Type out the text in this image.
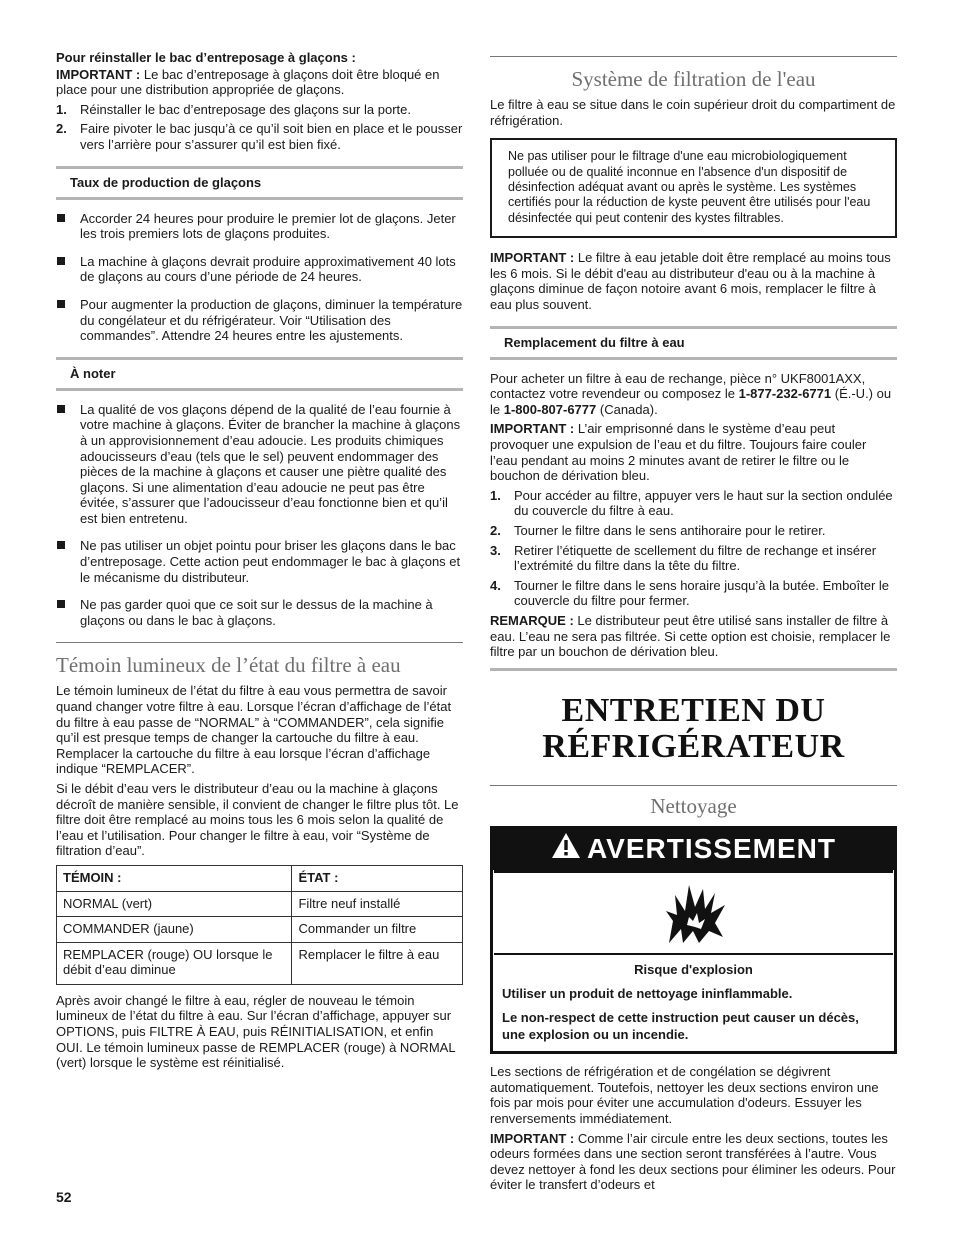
Pour réinstaller le bac d’entreposage à glaçons :

IMPORTANT : Le bac d’entreposage à glaçons doit être bloqué en place pour une distribution appropriée de glaçons.

1. Réinstaller le bac d’entreposage des glaçons sur la porte.
2. Faire pivoter le bac jusqu’à ce qu’il soit bien en place et le pousser vers l’arrière pour s’assurer qu’il est bien fixé.
Taux de production de glaçons
Accorder 24 heures pour produire le premier lot de glaçons. Jeter les trois premiers lots de glaçons produites.
La machine à glaçons devrait produire approximativement 40 lots de glaçons au cours d’une période de 24 heures.
Pour augmenter la production de glaçons, diminuer la température du congélateur et du réfrigérateur. Voir “Utilisation des commandes”. Attendre 24 heures entre les ajustements.
À noter
La qualité de vos glaçons dépend de la qualité de l’eau fournie à votre machine à glaçons. Éviter de brancher la machine à glaçons à un approvisionnement d’eau adoucie. Les produits chimiques adoucisseurs d’eau (tels que le sel) peuvent endommager des pièces de la machine à glaçons et causer une piètre qualité des glaçons. Si une alimentation d’eau adoucie ne peut pas être évitée, s’assurer que l’adoucisseur d’eau fonctionne bien et qu’il est bien entretenu.
Ne pas utiliser un objet pointu pour briser les glaçons dans le bac d’entreposage. Cette action peut endommager le bac à glaçons et le mécanisme du distributeur.
Ne pas garder quoi que ce soit sur le dessus de la machine à glaçons ou dans le bac à glaçons.
Témoin lumineux de l’état du filtre à eau

Le témoin lumineux de l’état du filtre à eau vous permettra de savoir quand changer votre filtre à eau. Lorsque l’écran d’affichage de l’état du filtre à eau passe de “NORMAL” à “COMMANDER”, cela signifie qu’il est presque temps de changer la cartouche du filtre à eau. Remplacer la cartouche du filtre à eau lorsque l’écran d’affichage indique “REMPLACER”.

Si le débit d’eau vers le distributeur d’eau ou la machine à glaçons décroît de manière sensible, il convient de changer le filtre plus tôt. Le filtre doit être remplacé au moins tous les 6 mois selon la qualité de l’eau et l’utilisation. Pour changer le filtre à eau, voir “Système de filtration d’eau”.

TÉMOIN :	ÉTAT :
NORMAL (vert)	Filtre neuf installé
COMMANDER (jaune)	Commander un filtre
REMPLACER (rouge) OU lorsque le débit d’eau diminue	Remplacer le filtre à eau

Après avoir changé le filtre à eau, régler de nouveau le témoin lumineux de l’état du filtre à eau. Sur l’écran d’affichage, appuyer sur OPTIONS, puis FILTRE À EAU, puis RÉINITIALISATION, et enfin OUI. Le témoin lumineux passe de REMPLACER (rouge) à NORMAL (vert) lorsque le système est réinitialisé.

Système de filtration de l'eau

Le filtre à eau se situe dans le coin supérieur droit du compartiment de réfrigération.

Ne pas utiliser pour le filtrage d'une eau microbiologiquement polluée ou de qualité inconnue en l'absence d'un dispositif de désinfection adéquat avant ou après le système. Les systèmes certifiés pour la réduction de kyste peuvent être utilisés pour l'eau désinfectée qui peut contenir des kystes filtrables.

IMPORTANT : Le filtre à eau jetable doit être remplacé au moins tous les 6 mois. Si le débit d'eau au distributeur d'eau ou à la machine à glaçons diminue de façon notoire avant 6 mois, remplacer le filtre à eau plus souvent.

Remplacement du filtre à eau

Pour acheter un filtre à eau de rechange, pièce n° UKF8001AXX, contactez votre revendeur ou composez le 1-877-232-6771 (É.-U.) ou le 1-800-807-6777 (Canada).

IMPORTANT : L’air emprisonné dans le système d’eau peut provoquer une expulsion de l’eau et du filtre. Toujours faire couler l’eau pendant au moins 2 minutes avant de retirer le filtre ou le bouchon de dérivation bleu.

1. Pour accéder au filtre, appuyer vers le haut sur la section ondulée du couvercle du filtre à eau.
2. Tourner le filtre dans le sens antihoraire pour le retirer.
3. Retirer l’étiquette de scellement du filtre de rechange et insérer l’extrémité du filtre dans la tête du filtre.
4. Tourner le filtre dans le sens horaire jusqu’à la butée. Emboîter le couvercle du filtre pour fermer.

REMARQUE : Le distributeur peut être utilisé sans installer de filtre à eau. L’eau ne sera pas filtrée. Si cette option est choisie, remplacer le filtre par un bouchon de dérivation bleu.

ENTRETIEN DU
RÉFRIGÉRATEUR
Nettoyage
AVERTISSEMENT

Risque d'explosion

Utiliser un produit de nettoyage ininflammable.

Le non-respect de cette instruction peut causer un décès, une explosion ou un incendie.

Les sections de réfrigération et de congélation se dégivrent automatiquement. Toutefois, nettoyer les deux sections environ une fois par mois pour éviter une accumulation d'odeurs. Essuyer les renversements immédiatement.

IMPORTANT : Comme l’air circule entre les deux sections, toutes les odeurs formées dans une section seront transférées à l’autre. Vous devez nettoyer à fond les deux sections pour éliminer les odeurs. Pour éviter le transfert d’odeurs et

52
